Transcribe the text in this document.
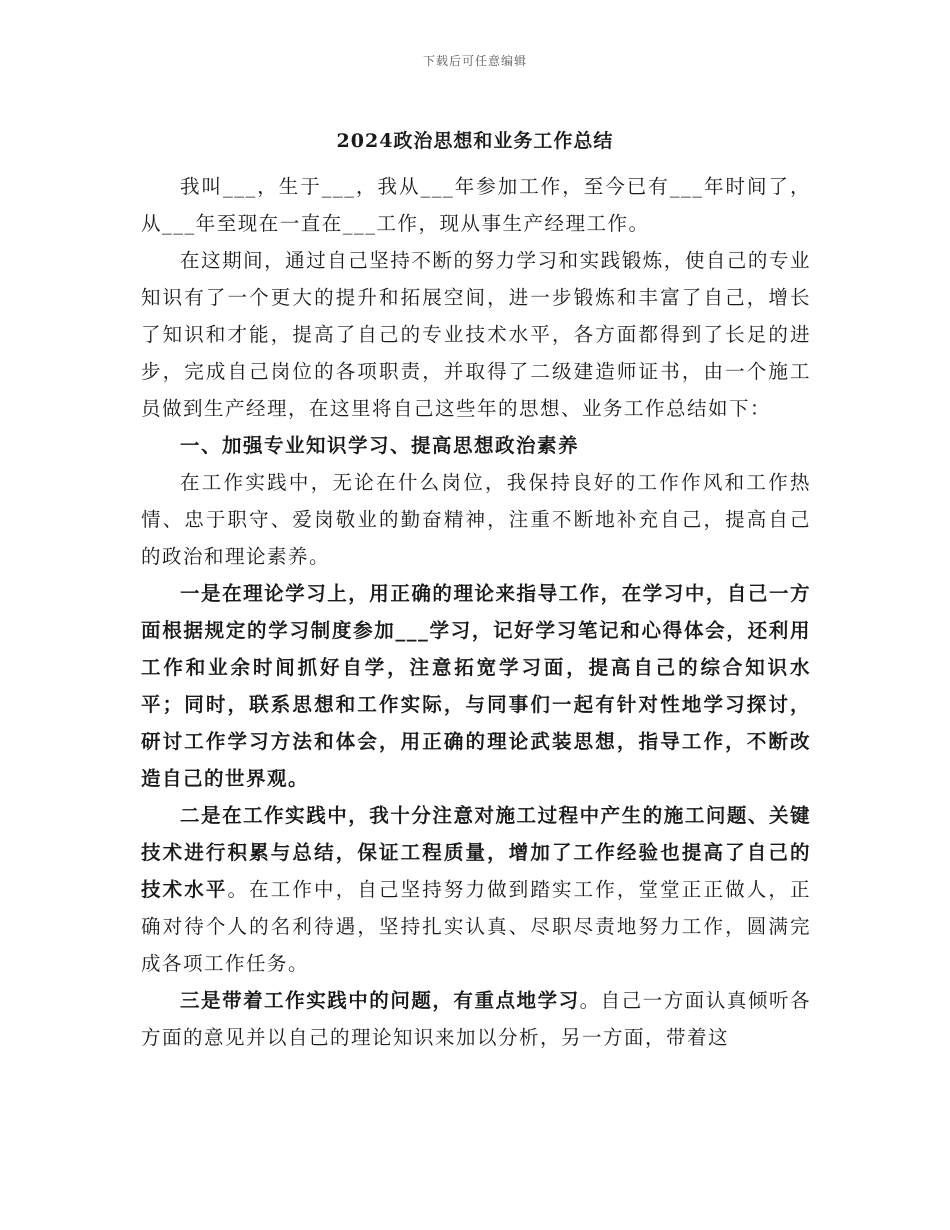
下载后可任意编辑
2024政治思想和业务工作总结

我叫___，生于___，我从___年参加工作，至今已有___年时间了，从___年至现在一直在___工作，现从事生产经理工作。

在这期间，通过自己坚持不断的努力学习和实践锻炼，使自己的专业知识有了一个更大的提升和拓展空间，进一步锻炼和丰富了自己，增长了知识和才能，提高了自己的专业技术水平，各方面都得到了长足的进步，完成自己岗位的各项职责，并取得了二级建造师证书，由一个施工员做到生产经理，在这里将自己这些年的思想、业务工作总结如下：

一、加强专业知识学习、提高思想政治素养

在工作实践中，无论在什么岗位，我保持良好的工作作风和工作热情、忠于职守、爱岗敬业的勤奋精神，注重不断地补充自己，提高自己的政治和理论素养。

一是在理论学习上，用正确的理论来指导工作，在学习中，自己一方面根据规定的学习制度参加___学习，记好学习笔记和心得体会，还利用工作和业余时间抓好自学，注意拓宽学习面，提高自己的综合知识水平；同时，联系思想和工作实际，与同事们一起有针对性地学习探讨，研讨工作学习方法和体会，用正确的理论武装思想，指导工作，不断改造自己的世界观。

二是在工作实践中，我十分注意对施工过程中产生的施工问题、关键技术进行积累与总结，保证工程质量，增加了工作经验也提高了自己的技术水平。在工作中，自己坚持努力做到踏实工作，堂堂正正做人，正确对待个人的名利待遇，坚持扎实认真、尽职尽责地努力工作，圆满完成各项工作任务。

三是带着工作实践中的问题，有重点地学习。自己一方面认真倾听各方面的意见并以自己的理论知识来加以分析，另一方面，带着这
